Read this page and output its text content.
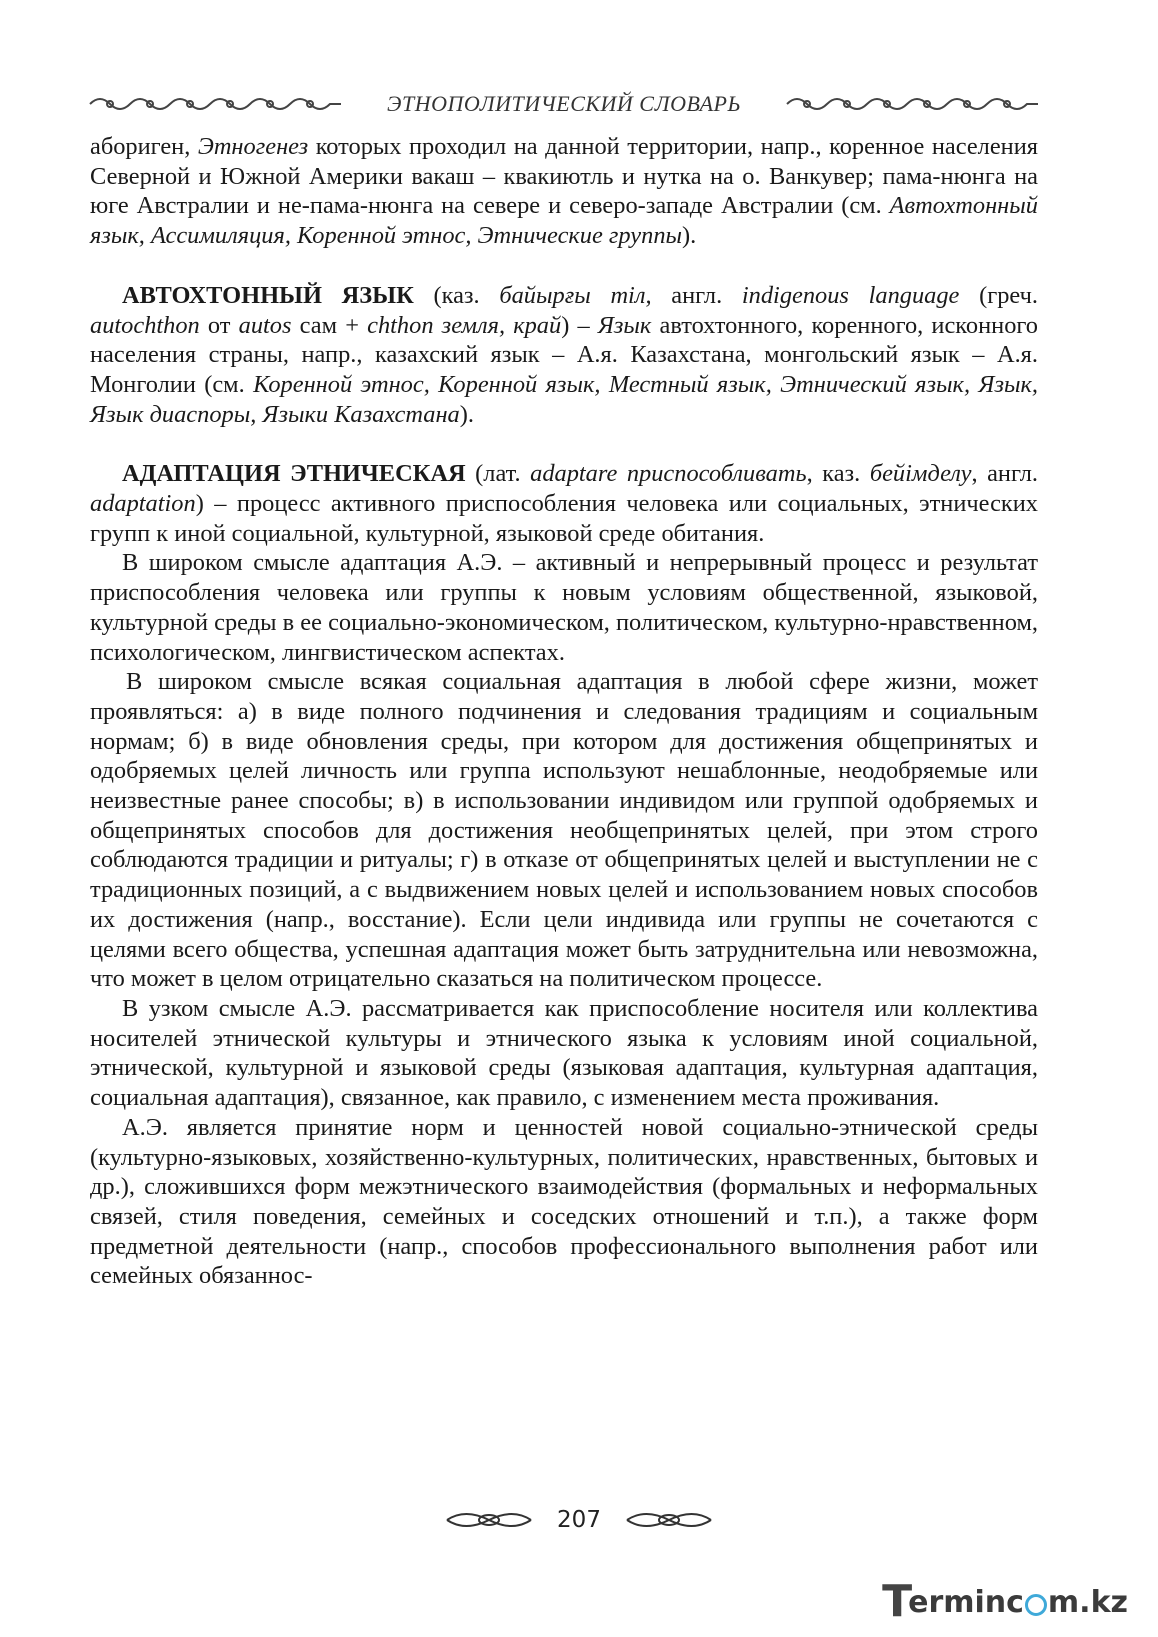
ЭТНОПОЛИТИЧЕСКИЙ СЛОВАРЬ

абориген, Этногенез которых проходил на данной территории, напр., коренное населения Северной и Южной Америки вакаш – квакиютль и нутка на о. Ванкувер; пама-нюнга на юге Австралии и не-пама-нюнга на севере и северо-западе Австралии (см. Автохтонный язык, Ассимиляция, Коренной этнос, Этнические группы).

АВТОХТОННЫЙ ЯЗЫК (каз. байырғы тіл, англ. indigenous language (греч. autochthon от autos сам + chthon земля, край) – Язык автохтонного, коренного, исконного населения страны, напр., казахский язык – А.я. Казахстана, монгольский язык – А.я. Монголии (см. Коренной этнос, Коренной язык, Местный язык, Этнический язык, Язык, Язык диаспоры, Языки Казахстана).

АДАПТАЦИЯ ЭТНИЧЕСКАЯ (лат. adaptare приспособливать, каз. бейімделу, англ. adaptation) – процесс активного приспособления человека или социальных, этнических групп к иной социальной, культурной, языковой среде обитания.

В широком смысле адаптация А.Э. – активный и непрерывный процесс и результат приспособления человека или группы к новым условиям общественной, языковой, культурной среды в ее социально-экономическом, политическом, культурно-нравственном, психологическом, лингвистическом аспектах.

В широком смысле всякая социальная адаптация в любой сфере жизни, может проявляться: а) в виде полного подчинения и следования традициям и социальным нормам; б) в виде обновления среды, при котором для достижения общепринятых и одобряемых целей личность или группа используют нешаблонные, неодобряемые или неизвестные ранее способы; в) в использовании индивидом или группой одобряемых и общепринятых способов для достижения необщепринятых целей, при этом строго соблюдаются традиции и ритуалы; г) в отказе от общепринятых целей и выступлении не с традиционных позиций, а с выдвижением новых целей и использованием новых способов их достижения (напр., восстание). Если цели индивида или группы не сочетаются с целями всего общества, успешная адаптация может быть затруднительна или невозможна, что может в целом отрицательно сказаться на политическом процессе.

В узком смысле А.Э. рассматривается как приспособление носителя или коллектива носителей этнической культуры и этнического языка к условиям иной социальной, этнической, культурной и языковой среды (языковая адаптация, культурная адаптация, социальная адаптация), связанное, как правило, с изменением места проживания.

А.Э. является принятие норм и ценностей новой социально-этнической среды (культурно-языковых, хозяйственно-культурных, политических, нравственных, бытовых и др.), сложившихся форм межэтнического взаимодействия (формальных и неформальных связей, стиля поведения, семейных и соседских отношений и т.п.), а также форм предметной деятельности (напр., способов профессионального выполнения работ или семейных обязаннос-

207
T
erminc m.kz
